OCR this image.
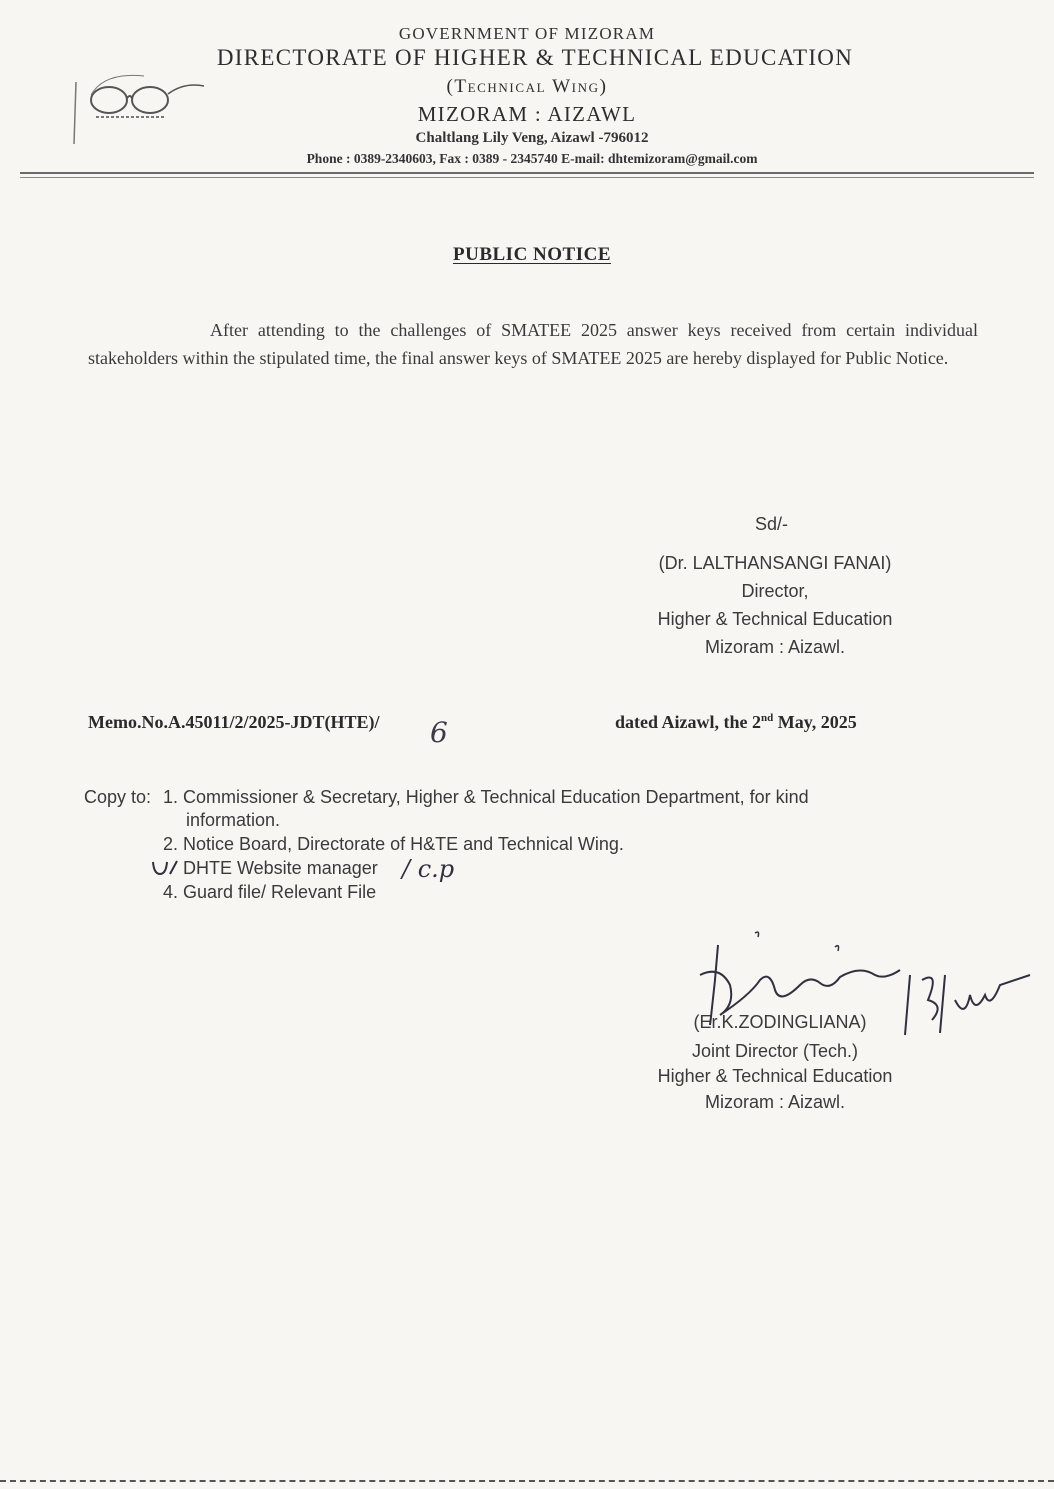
GOVERNMENT OF MIZORAM
DIRECTORATE OF HIGHER & TECHNICAL EDUCATION
(Technical Wing)
MIZORAM : AIZAWL
Chaltlang Lily Veng, Aizawl -796012
Phone : 0389-2340603, Fax : 0389 - 2345740 E-mail: dhtemizoram@gmail.com
PUBLIC NOTICE
After attending to the challenges of SMATEE 2025 answer keys received from certain individual stakeholders within the stipulated time, the final answer keys of SMATEE 2025 are hereby displayed for Public Notice.
Sd/-
(Dr. LALTHANSANGI FANAI)
Director,
Higher & Technical Education
Mizoram : Aizawl.
Memo.No.A.45011/2/2025-JDT(HTE)/ 6	dated Aizawl, the 2nd May, 2025
Copy to: 1. Commissioner & Secretary, Higher & Technical Education Department, for kind
information.
2. Notice Board, Directorate of H&TE and Technical Wing.
DHTE Website manager / c.p
4. Guard file/ Relevant File
(Er.K.ZODINGLIANA)
Joint Director (Tech.)
Higher & Technical Education
Mizoram : Aizawl.
